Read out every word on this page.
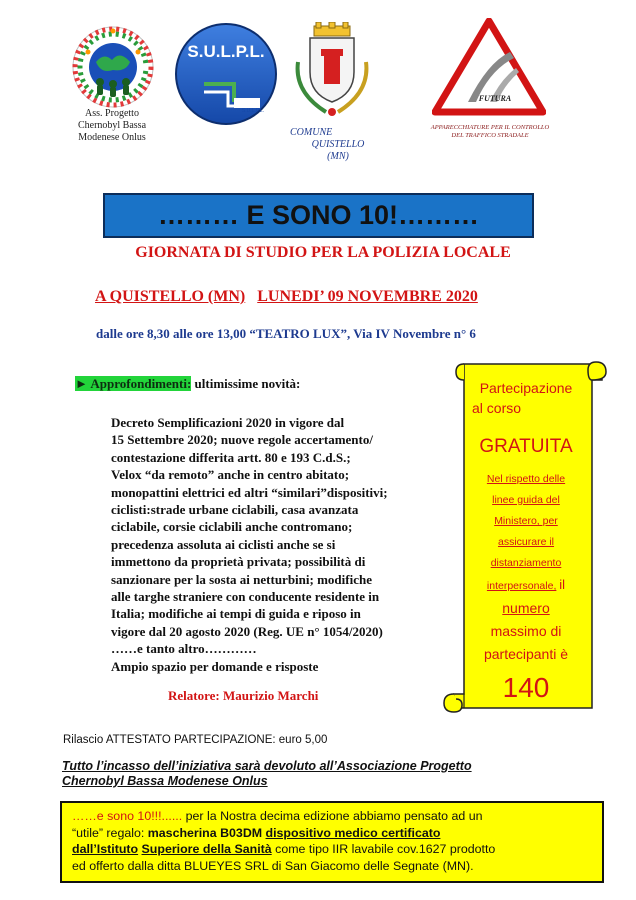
Ass. Progetto
Chernobyl Bassa
Modenese Onlus
S.U.L.P.L.
S.U.L.P.L.
COMUNE
QUISTELLO
(MN)
FUTURA
APPARECCHIATURE PER IL CONTROLLO
DEL TRAFFICO STRADALE
……… E SONO 10!………
GIORNATA DI STUDIO PER LA POLIZIA LOCALE
A QUISTELLO (MN) LUNEDI’ 09 NOVEMBRE 2020
dalle ore 8,30 alle ore 13,00 “TEATRO LUX”, Via IV Novembre n° 6
► Approfondimenti: ultimissime novità:
Decreto Semplificazioni 2020 in vigore dal
15 Settembre 2020; nuove regole accertamento/
contestazione differita artt. 80 e 193 C.d.S.;
Velox “da remoto” anche in centro abitato;
monopattini elettrici ed altri “similari”dispositivi;
ciclisti:strade urbane ciclabili, casa avanzata
ciclabile, corsie ciclabili anche contromano;
precedenza assoluta ai ciclisti anche se si
immettono da proprietà privata; possibilità di
sanzionare per la sosta ai netturbini; modifiche
alle targhe straniere con conducente residente in
Italia; modifiche ai tempi di guida e riposo in
vigore dal 20 agosto 2020 (Reg. UE n° 1054/2020)
……e tanto altro…………
Ampio spazio per domande e risposte
Relatore: Maurizio Marchi
Partecipazione
al corso
GRATUITA
Nel rispetto delle
linee guida del
Ministero, per
assicurare il
distanziamento
interpersonale, il
numero
massimo di
partecipanti è
140
Rilascio ATTESTATO PARTECIPAZIONE: euro 5,00
Tutto l’incasso dell’iniziativa sarà devoluto all’Associazione Progetto
Chernobyl Bassa Modenese Onlus
……e sono 10!!!...... per la Nostra decima edizione abbiamo pensato ad un
“utile” regalo: mascherina B03DM dispositivo medico certificato
dall’Istituto Superiore della Sanità come tipo IIR lavabile cov.1627 prodotto
ed offerto dalla ditta BLUEYES SRL di San Giacomo delle Segnate (MN).
